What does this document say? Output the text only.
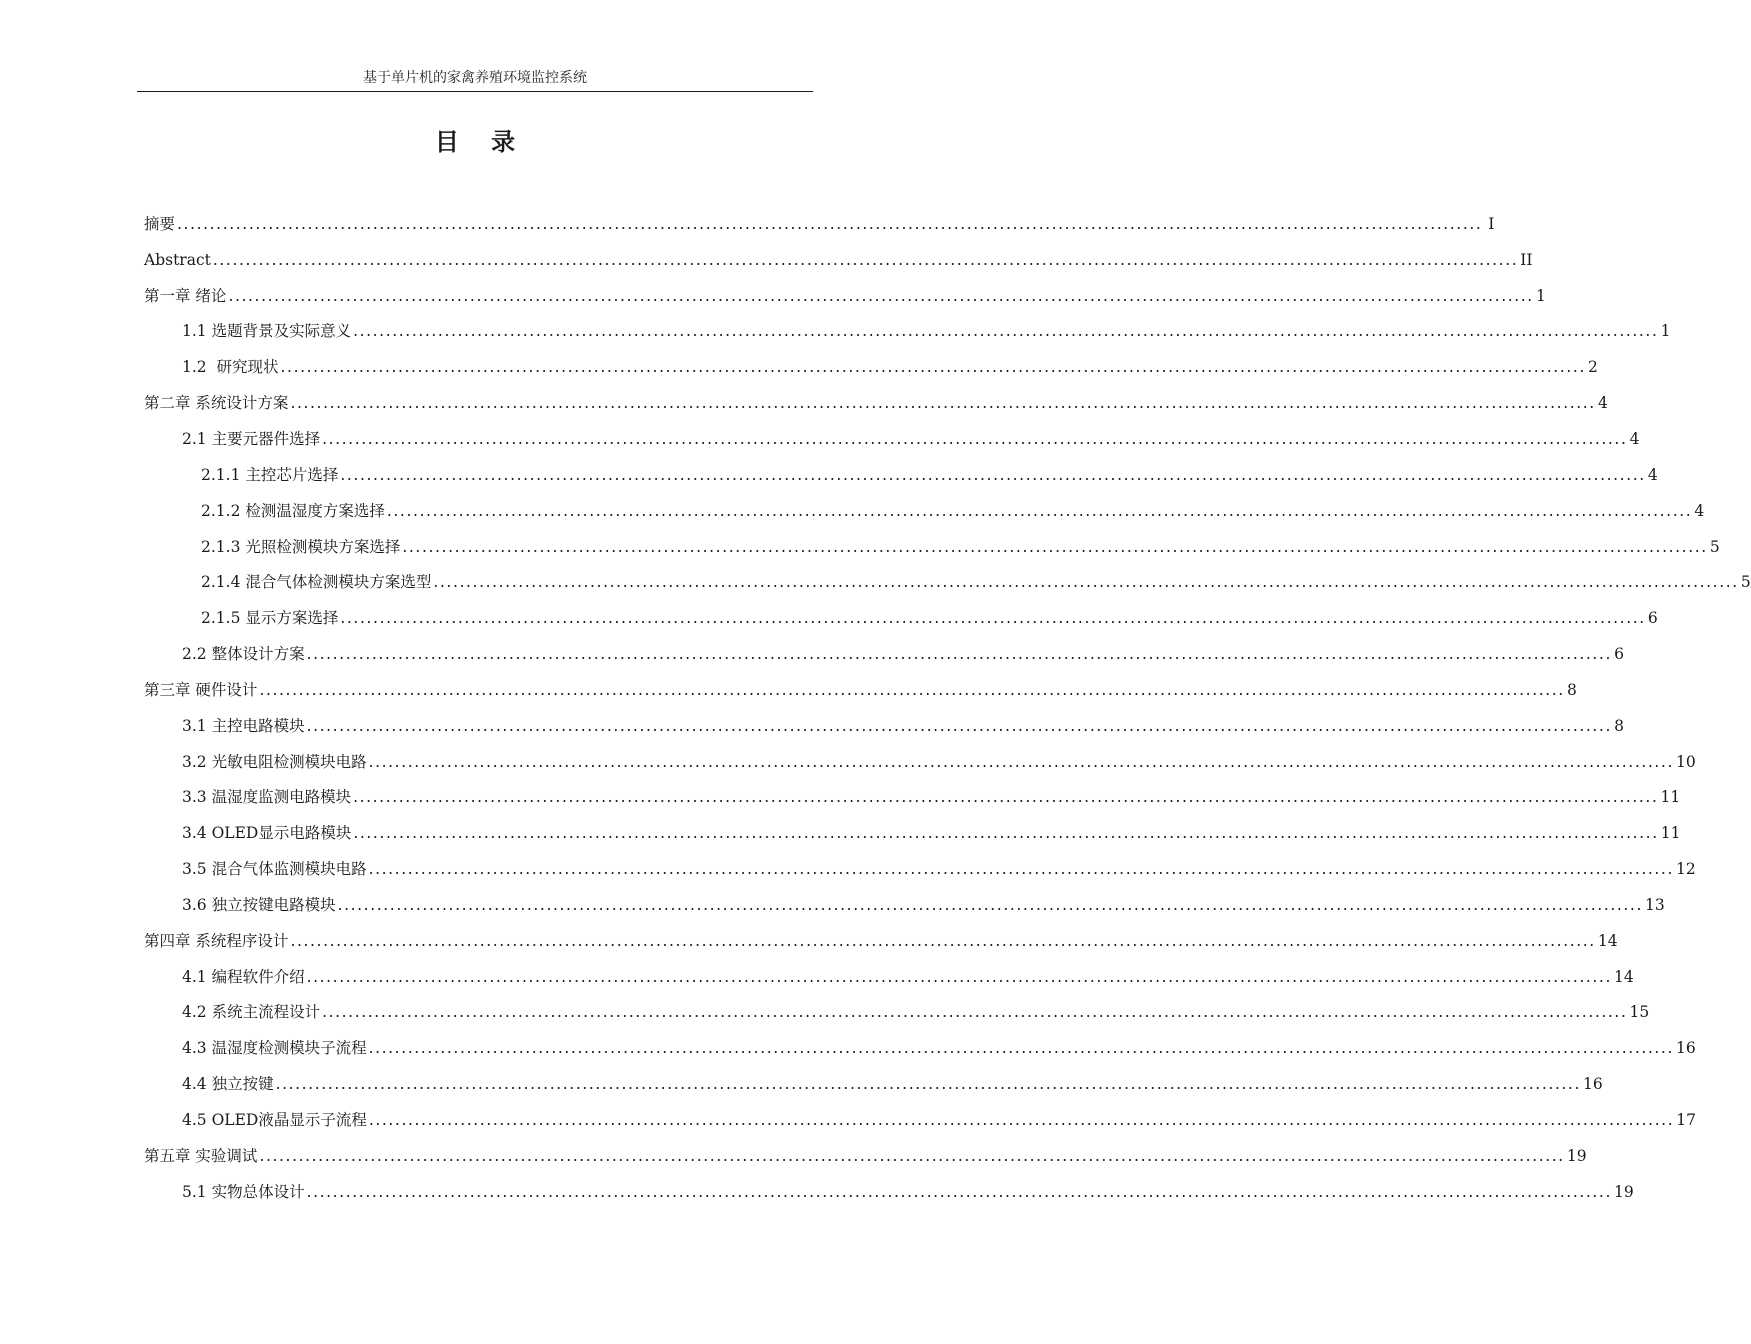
基于单片机的家禽养殖环境监控系统
目 录
摘要 ........................................................................................................................................................................................................ I
Abstract ........................................................................................................................................................................................................ II
第一章 绪论 ........................................................................................................................................................................................................ 1
1.1 选题背景及实际意义 ........................................................................................................................................................................................................ 1
1.2  研究现状 ........................................................................................................................................................................................................ 2
第二章 系统设计方案 ........................................................................................................................................................................................................ 4
2.1 主要元器件选择 ........................................................................................................................................................................................................ 4
2.1.1 主控芯片选择 ........................................................................................................................................................................................................ 4
2.1.2 检测温湿度方案选择 ........................................................................................................................................................................................................ 4
2.1.3 光照检测模块方案选择 ........................................................................................................................................................................................................ 5
2.1.4 混合气体检测模块方案选型 ........................................................................................................................................................................................................ 5
2.1.5 显示方案选择 ........................................................................................................................................................................................................ 6
2.2 整体设计方案 ........................................................................................................................................................................................................ 6
第三章 硬件设计 ........................................................................................................................................................................................................ 8
3.1 主控电路模块 ........................................................................................................................................................................................................ 8
3.2 光敏电阻检测模块电路 ........................................................................................................................................................................................................ 10
3.3 温湿度监测电路模块 ........................................................................................................................................................................................................ 11
3.4 OLED显示电路模块 ........................................................................................................................................................................................................ 11
3.5 混合气体监测模块电路 ........................................................................................................................................................................................................ 12
3.6 独立按键电路模块 ........................................................................................................................................................................................................ 13
第四章 系统程序设计 ........................................................................................................................................................................................................ 14
4.1 编程软件介绍 ........................................................................................................................................................................................................ 14
4.2 系统主流程设计 ........................................................................................................................................................................................................ 15
4.3 温湿度检测模块子流程 ........................................................................................................................................................................................................ 16
4.4 独立按键 ........................................................................................................................................................................................................ 16
4.5 OLED液晶显示子流程 ........................................................................................................................................................................................................ 17
第五章 实验调试 ........................................................................................................................................................................................................ 19
5.1 实物总体设计 ........................................................................................................................................................................................................ 19
